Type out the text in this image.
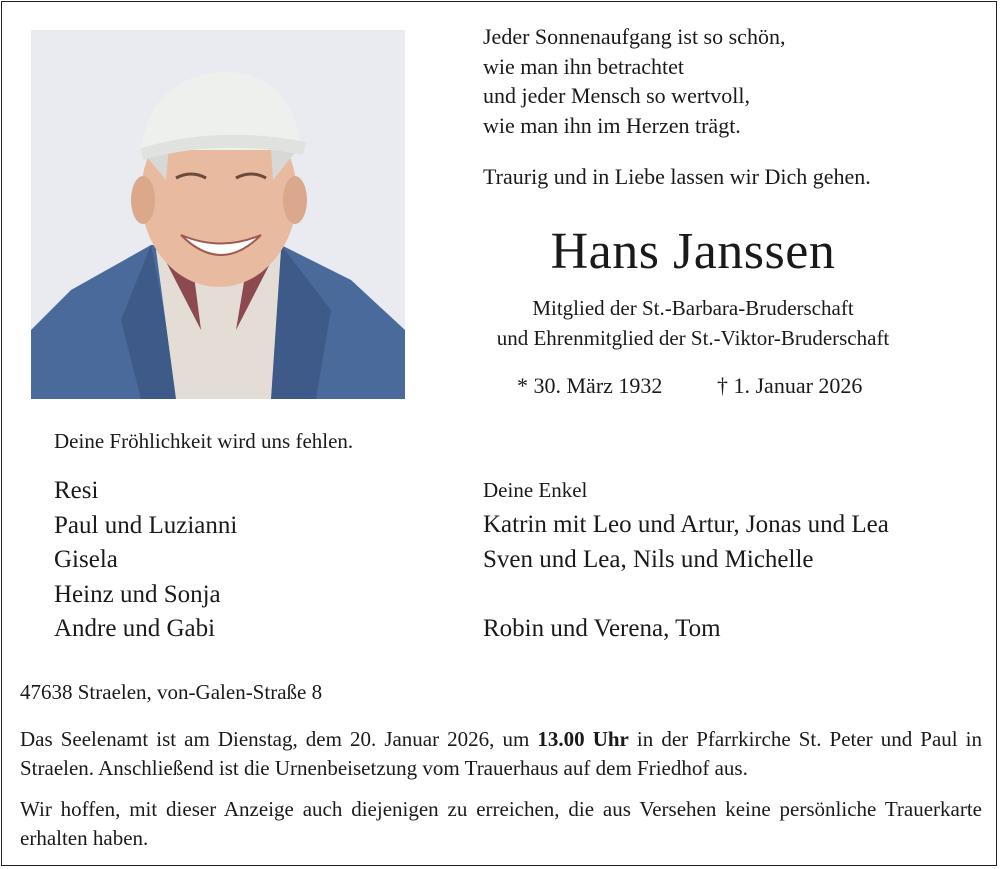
Jeder Sonnenaufgang ist so schön,
wie man ihn betrachtet
und jeder Mensch so wertvoll,
wie man ihn im Herzen trägt.
Traurig und in Liebe lassen wir Dich gehen.
Hans Janssen
Mitglied der St.-Barbara-Bruderschaft
und Ehrenmitglied der St.-Viktor-Bruderschaft
* 30. März 1932 † 1. Januar 2026
Deine Fröhlichkeit wird uns fehlen.
Resi
Paul und Luzianni
Gisela
Heinz und Sonja
Andre und Gabi
Deine Enkel
Katrin mit Leo und Artur, Jonas und Lea
Sven und Lea, Nils und Michelle

Robin und Verena, Tom
47638 Straelen, von-Galen-Straße 8
Das Seelenamt ist am Dienstag, dem 20. Januar 2026, um 13.00 Uhr in der Pfarrkirche St. Peter und Paul in Straelen. Anschließend ist die Urnenbeisetzung vom Trauerhaus auf dem Friedhof aus.
Wir hoffen, mit dieser Anzeige auch diejenigen zu erreichen, die aus Versehen keine persönliche Trauerkarte erhalten haben.
